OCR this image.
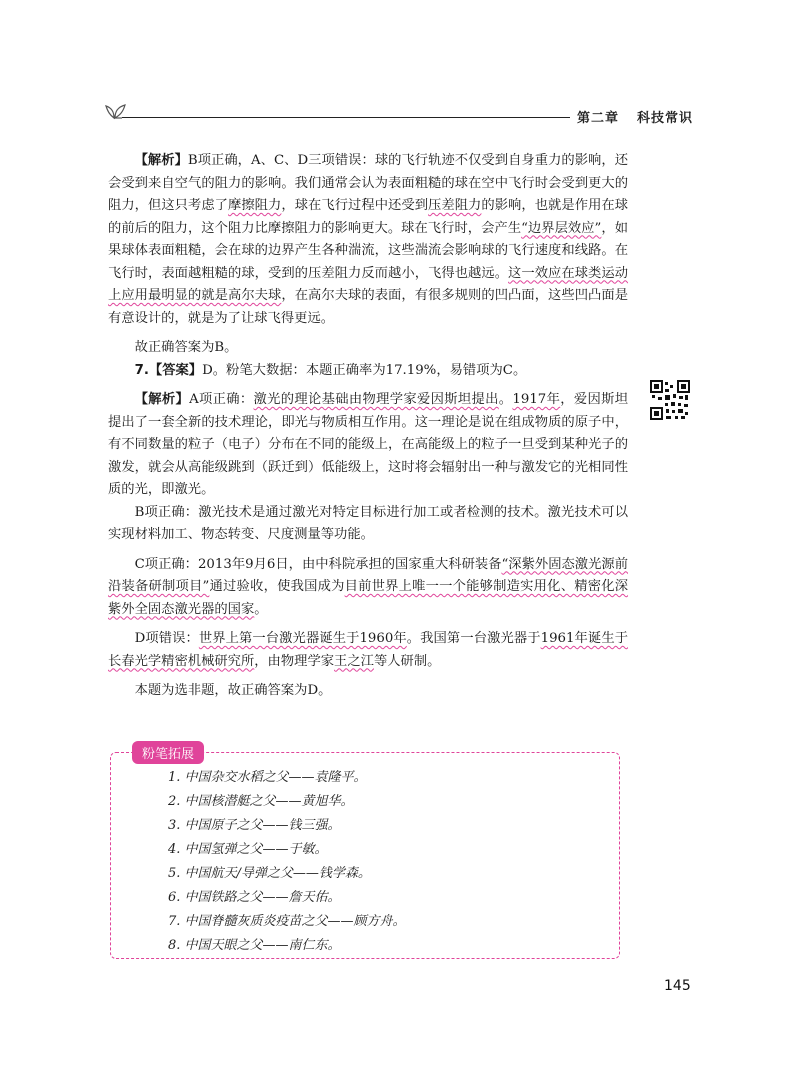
第二章 科技常识

【解析】B项正确，A、C、D三项错误：球的飞行轨迹不仅受到自身重力的影响，还会受到来自空气的阻力的影响。我们通常会认为表面粗糙的球在空中飞行时会受到更大的阻力，但这只考虑了摩擦阻力，球在飞行过程中还受到压差阻力的影响，也就是作用在球的前后的阻力，这个阻力比摩擦阻力的影响更大。球在飞行时，会产生“边界层效应”，如果球体表面粗糙，会在球的边界产生各种湍流，这些湍流会影响球的飞行速度和线路。在飞行时，表面越粗糙的球，受到的压差阻力反而越小，飞得也越远。这一效应在球类运动上应用最明显的就是高尔夫球，在高尔夫球的表面，有很多规则的凹凸面，这些凹凸面是有意设计的，就是为了让球飞得更远。

故正确答案为B。

7.【答案】D。粉笔大数据：本题正确率为17.19%，易错项为C。

【解析】A项正确：激光的理论基础由物理学家爱因斯坦提出。1917年，爱因斯坦提出了一套全新的技术理论，即光与物质相互作用。这一理论是说在组成物质的原子中，有不同数量的粒子（电子）分布在不同的能级上，在高能级上的粒子一旦受到某种光子的激发，就会从高能级跳到（跃迁到）低能级上，这时将会辐射出一种与激发它的光相同性质的光，即激光。

B项正确：激光技术是通过激光对特定目标进行加工或者检测的技术。激光技术可以实现材料加工、物态转变、尺度测量等功能。

C项正确：2013年9月6日，由中科院承担的国家重大科研装备“深紫外固态激光源前沿装备研制项目”通过验收，使我国成为目前世界上唯一一个能够制造实用化、精密化深紫外全固态激光器的国家。

D项错误：世界上第一台激光器诞生于1960年。我国第一台激光器于1961年诞生于长春光学精密机械研究所，由物理学家王之江等人研制。

本题为选非题，故正确答案为D。

粉笔拓展
1. 中国杂交水稻之父——袁隆平。
2. 中国核潜艇之父——黄旭华。
3. 中国原子之父——钱三强。
4. 中国氢弹之父——于敏。
5. 中国航天/导弹之父——钱学森。
6. 中国铁路之父——詹天佑。
7. 中国脊髓灰质炎疫苗之父——顾方舟。
8. 中国天眼之父——南仁东。
145
